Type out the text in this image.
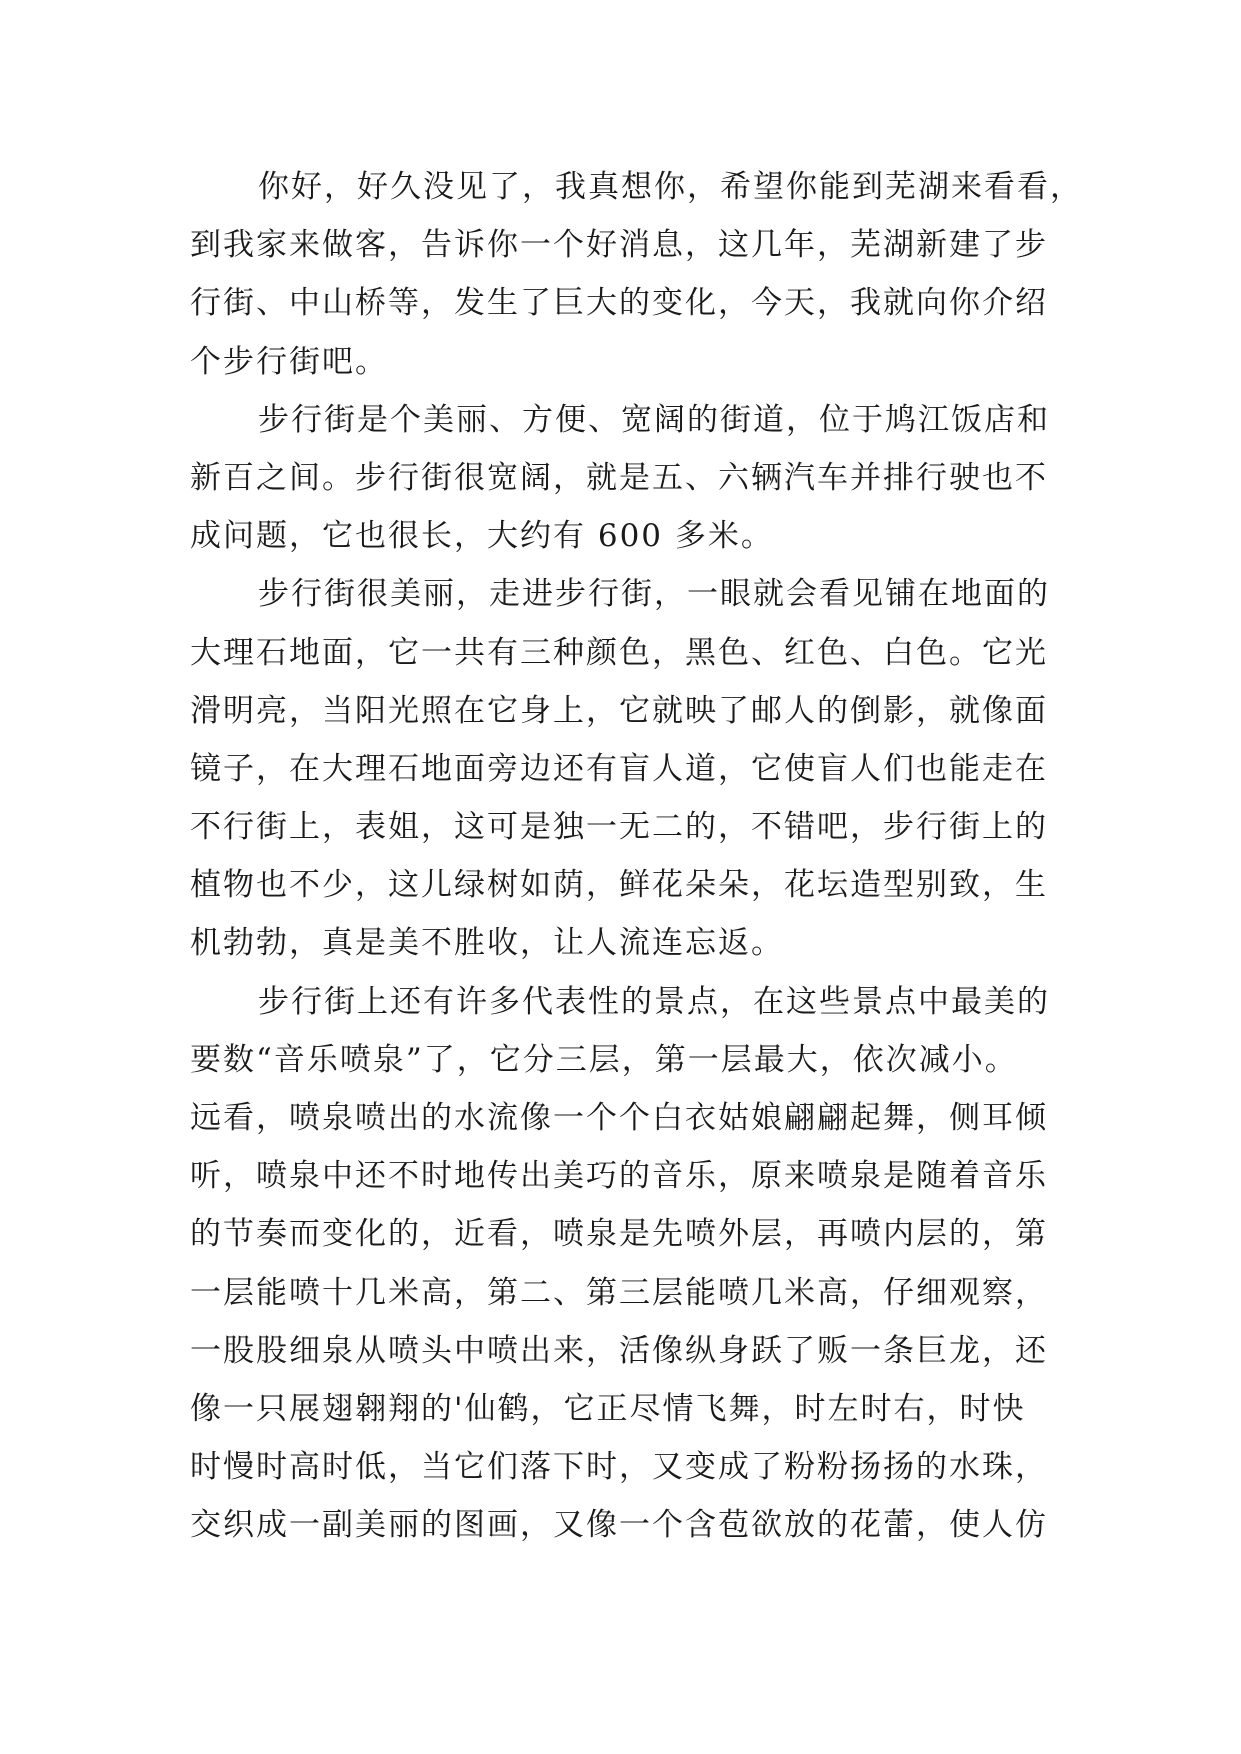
你好，好久没见了，我真想你，希望你能到芜湖来看看，
到我家来做客，告诉你一个好消息，这几年，芜湖新建了步
行街、中山桥等，发生了巨大的变化，今天，我就向你介绍
个步行街吧。
步行街是个美丽、方便、宽阔的街道，位于鸠江饭店和
新百之间。步行街很宽阔，就是五、六辆汽车并排行驶也不
成问题，它也很长，大约有 600 多米。
步行街很美丽，走进步行街，一眼就会看见铺在地面的
大理石地面，它一共有三种颜色，黑色、红色、白色。它光
滑明亮，当阳光照在它身上，它就映了邮人的倒影，就像面
镜子，在大理石地面旁边还有盲人道，它使盲人们也能走在
不行街上，表姐，这可是独一无二的，不错吧，步行街上的
植物也不少，这儿绿树如荫，鲜花朵朵，花坛造型别致，生
机勃勃，真是美不胜收，让人流连忘返。
步行街上还有许多代表性的景点，在这些景点中最美的
要数“音乐喷泉”了，它分三层，第一层最大，依次减小。
远看，喷泉喷出的水流像一个个白衣姑娘翩翩起舞，侧耳倾
听，喷泉中还不时地传出美巧的音乐，原来喷泉是随着音乐
的节奏而变化的，近看，喷泉是先喷外层，再喷内层的，第
一层能喷十几米高，第二、第三层能喷几米高，仔细观察，
一股股细泉从喷头中喷出来，活像纵身跃了贩一条巨龙，还
像一只展翅翱翔的'仙鹤，它正尽情飞舞，时左时右，时快
时慢时高时低，当它们落下时，又变成了粉粉扬扬的水珠，
交织成一副美丽的图画，又像一个含苞欲放的花蕾，使人仿
